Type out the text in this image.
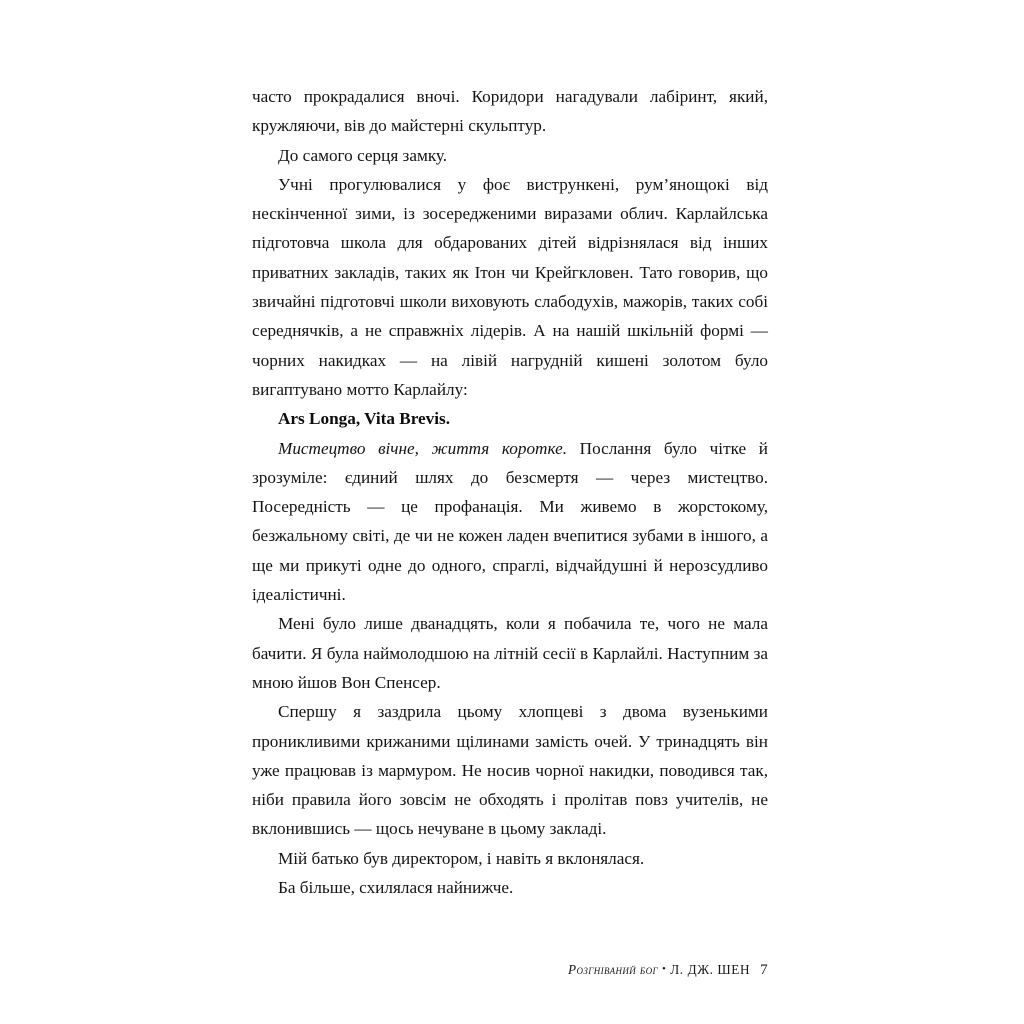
часто прокрадалися вночі. Коридори нагадували лабіринт, який, кружляючи, вів до майстерні скульптур.

До самого серця замку.

Учні прогулювалися у фоє вистрункені, рум’янощокі від нескінченної зими, із зосередженими виразами облич. Карлайлська підготовча школа для обдарованих дітей відрізнялася від інших приватних закладів, таких як Ітон чи Крейгкловен. Тато говорив, що звичайні підготовчі школи виховують слабодухів, мажорів, таких собі середнячків, а не справжніх лідерів. А на нашій шкільній формі — чорних накидках — на лівій нагрудній кишені золотом було вигаптувано мотто Карлайлу:

Ars Longa, Vita Brevis.

Мистецтво вічне, життя коротке. Послання було чітке й зрозуміле: єдиний шлях до безсмертя — через мистецтво. Посередність — це профанація. Ми живемо в жорстокому, безжальному світі, де чи не кожен ладен вчепитися зубами в іншого, а ще ми прикуті одне до одного, спраглі, відчайдушні й нерозсудливо ідеалістичні.

Мені було лише дванадцять, коли я побачила те, чого не мала бачити. Я була наймолодшою на літній сесії в Карлайлі. Наступним за мною йшов Вон Спенсер.

Спершу я заздрила цьому хлопцеві з двома вузенькими проникливими крижаними щілинами замість очей. У тринадцять він уже працював із мармуром. Не носив чорної накидки, поводився так, ніби правила його зовсім не обходять і пролітав повз учителів, не вклонившись — щось нечуване в цьому закладі.

Мій батько був директором, і навіть я вклонялася.

Ба більше, схилялася найнижче.

Розгніваний бог • Л. ДЖ. ШЕН 7
